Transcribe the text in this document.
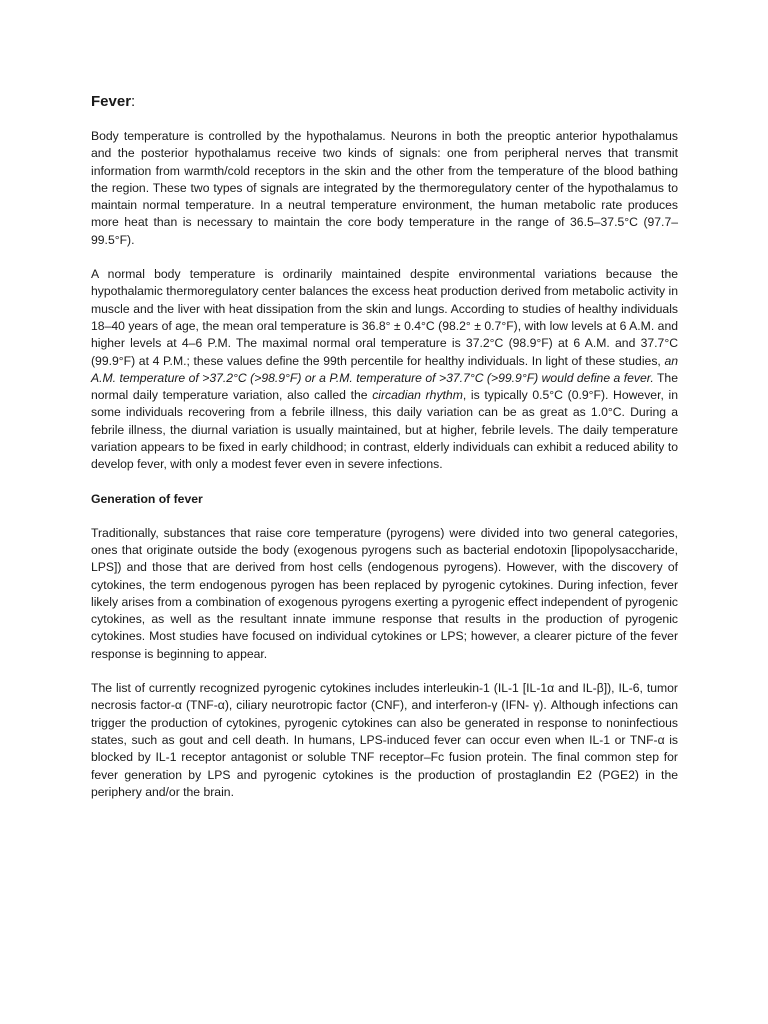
Fever:

Body temperature is controlled by the hypothalamus. Neurons in both the preoptic anterior hypothalamus and the posterior hypothalamus receive two kinds of signals: one from peripheral nerves that transmit information from warmth/cold receptors in the skin and the other from the temperature of the blood bathing the region. These two types of signals are integrated by the thermoregulatory center of the hypothalamus to maintain normal temperature. In a neutral temperature environment, the human metabolic rate produces more heat than is necessary to maintain the core body temperature in the range of 36.5–37.5°C (97.7–99.5°F).

A normal body temperature is ordinarily maintained despite environmental variations because the hypothalamic thermoregulatory center balances the excess heat production derived from metabolic activity in muscle and the liver with heat dissipation from the skin and lungs. According to studies of healthy individuals 18–40 years of age, the mean oral temperature is 36.8° ± 0.4°C (98.2° ± 0.7°F), with low levels at 6 A.M. and higher levels at 4–6 P.M. The maximal normal oral temperature is 37.2°C (98.9°F) at 6 A.M. and 37.7°C (99.9°F) at 4 P.M.; these values define the 99th percentile for healthy individuals. In light of these studies, an A.M. temperature of >37.2°C (>98.9°F) or a P.M. temperature of >37.7°C (>99.9°F) would define a fever. The normal daily temperature variation, also called the circadian rhythm, is typically 0.5°C (0.9°F). However, in some individuals recovering from a febrile illness, this daily variation can be as great as 1.0°C. During a febrile illness, the diurnal variation is usually maintained, but at higher, febrile levels. The daily temperature variation appears to be fixed in early childhood; in contrast, elderly individuals can exhibit a reduced ability to develop fever, with only a modest fever even in severe infections.

Generation of fever

Traditionally, substances that raise core temperature (pyrogens) were divided into two general categories, ones that originate outside the body (exogenous pyrogens such as bacterial endotoxin [lipopolysaccharide, LPS]) and those that are derived from host cells (endogenous pyrogens). However, with the discovery of cytokines, the term endogenous pyrogen has been replaced by pyrogenic cytokines. During infection, fever likely arises from a combination of exogenous pyrogens exerting a pyrogenic effect independent of pyrogenic cytokines, as well as the resultant innate immune response that results in the production of pyrogenic cytokines. Most studies have focused on individual cytokines or LPS; however, a clearer picture of the fever response is beginning to appear.

The list of currently recognized pyrogenic cytokines includes interleukin-1 (IL-1 [IL-1α and IL-β]), IL-6, tumor necrosis factor-α (TNF-α), ciliary neurotropic factor (CNF), and interferon-γ (IFN- γ). Although infections can trigger the production of cytokines, pyrogenic cytokines can also be generated in response to noninfectious states, such as gout and cell death. In humans, LPS-induced fever can occur even when IL-1 or TNF-α is blocked by IL-1 receptor antagonist or soluble TNF receptor–Fc fusion protein. The final common step for fever generation by LPS and pyrogenic cytokines is the production of prostaglandin E2 (PGE2) in the periphery and/or the brain.
